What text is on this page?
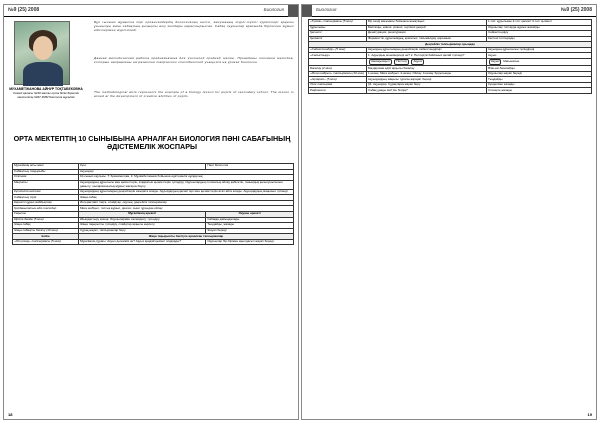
№9 (25) 2008	Биология
МУХАМЕТЖАНОВА АЙНУР ТОҚТАБЕКОВНА
Семей қаласы №30 жалпы орта білім беретін мектептің №67 КММ биология мұғалімі
Бұл ғылыми жұмыста тірі организмдердің биологиялық негізі, жасушаның түрлі-түсті суреттері арқылы ұғынылуы және сабақтың қызықты өту жолдары қарастырылған. Сабақ оқушылар арасында бірлескен жұмыс әдістерімен жүргізіледі.
Данная методическая работа предназначена для учителей средней школы. Приведены описания методов, которые направлены на развитие творческих способностей учащихся на уроках биологии.
The methodological work represents the example of a biology lesson for pupils of secondary school. The lesson is aimed at the development of creative abilities of pupils.
ОРТА МЕКТЕПТІҢ 10 СЫНЫБЫНА АРНАЛҒАН БИОЛОГИЯ ПӘНІ САБАҒЫНЫҢ ӘДІСТЕМЕЛІК ЖОСПАРЫ
Мұғалімнің аты-жөні	Күні:	Пәні: Биология
Сабақтың тақырыбы	Ақуыздар	
Сілтеме	10-сынып оқулығы. Т. Қожахметова, К. Мұхамбетжанов бойынша әдістемелік нұсқаулық.	
Мақсаты	Ақуыздардың құрылысы мен қасиеттерін, атқаратын қызметтерін түсіндіру. Оқушылардың логикалық ойлау қабілетін, танымдық қызығушылығын дамыту; шығармашылық жұмыс жасауға баулу.	
Күтілетін нәтиже	Ақуыздардың құрылымдық деңгейлерін ажырата алады. Ақуыздардың қасиеттері мен қызметтерін атап айта алады. Ақуыздардың маңызын түсінеді.	
Сабақтың түрі	Жаңа сабақ	
Керекті құрал-жабдықтар	Интерактивті тақта, слайдтар, оқулық, деңгейлік тапсырмалар	
Қолданылатын әдіс-тәсілдер	Миға шабуыл, топтық жұмыс, диалог, сыни тұрғыдан ойлау	
Уақыты	Мұғалімнің әрекеті	Оқушы әрекеті
Кіріспе бөлімі (5 мин)	Ұйымдастыру кезеңі. Оқушылармен сәлемдесу, түгендеу.	Сабаққа дайындалады
Жаңа сабақ	Жаңа тақырыпты түсіндіру, слайдтар арқылы көрсету.	Тыңдайды, жазады
Жаңа сабақты бекіту (10 мин)	Сұрақ-жауап, тапсырмалар беру.	Жауап береді
Білім	Жаңа тақырыпты бекітуге арналған тапсырмалар	
«Ой қозғау» тапсырмасы (5 мин)	Мұғалімнің сұрағы: Ақуыз дегеніміз не? Ақуыз қандай қызмет атқарады?	Оқушылар бір-бірімен ақылдасып жауап береді.
18
Биология	№9 (25) 2008
«Түсінік» тапсырмасы (5 мин)	Бір сөзді мағынасы бойынша анықтаңыз	1-топ: құрылымы 2-топ: қасиеті 3-топ: қызметі
Құрылымы	Бастапқы, екінші, үшінші, төртінші деңгей	Оқушылар топтарда жұмыс жасайды.
Қасиеті	Денатурация, ренатурация	Сәйкестендіру
Қызметі	Ферменттік, құрылымдық, қозғалыс, тасымалдау, қорғаныш	Кестені толтырады
Деңгейлік тапсырмалар орындау		
«Сәйкестендіру» (5 мин)	Ақуыздың құрылымдық деңгейлерін сәйкестендіріңіз	Ақуыздың құрылысын түсіндіреді
«Салыстыру»	1. Ақуыздың мономерлері не? 2. Пептидтік байланыс қалай түзіледі?	Ақуыз
	Аминқышқыл Пептид Ақуыз	Ақуыз Мағынасын
Бағалау (2 мин)	Бағдаршам әдісі арқылы бағалау	Өзін-өзі бағалайды
«Миға шабуыл» тапсырмасы (10 мин)	1-кезең: Миға шабуыл. 2-кезең: Ойлау. 3-кезең: Қорытынды	Оқушылар жауап береді
«Ақпарат» (5 мин)	Ақуыздардың маңызы туралы ақпарат береді	Тыңдайды
Үйге тапсырма	§4. Ақуыздар. Сұрақтарға жауап беру	Күнделікке жазады
Рефлексия	Сабақ ұнады ма? Не білдің?	Стикерге жазады
19
